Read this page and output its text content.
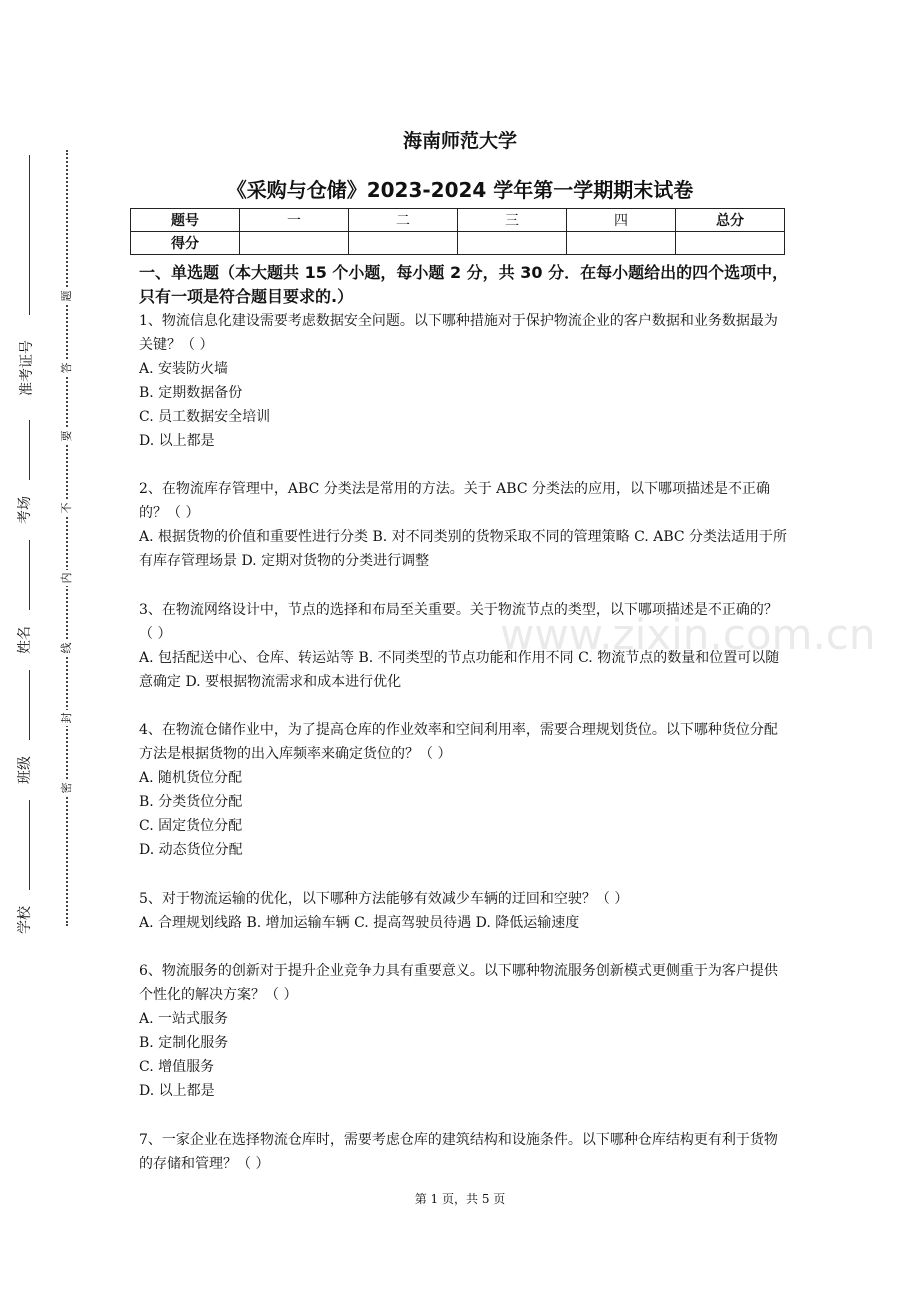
准考证号
考场
姓名
班级
学校
题
答
要
不
内
线
封
密
海南师范大学
《采购与仓储》2023-2024 学年第一学期期末试卷
题号	一	二	三	四	总分
得分					
一、单选题（本大题共 15 个小题，每小题 2 分，共 30 分．在每小题给出的四个选项中，只有一项是符合题目要求的.）
1、物流信息化建设需要考虑数据安全问题。以下哪种措施对于保护物流企业的客户数据和业务数据最为关键？（ ）
A. 安装防火墙
B. 定期数据备份
C. 员工数据安全培训
D. 以上都是
2、在物流库存管理中，ABC 分类法是常用的方法。关于 ABC 分类法的应用，以下哪项描述是不正确的？（ ）
A. 根据货物的价值和重要性进行分类 B. 对不同类别的货物采取不同的管理策略 C. ABC 分类法适用于所有库存管理场景 D. 定期对货物的分类进行调整
3、在物流网络设计中，节点的选择和布局至关重要。关于物流节点的类型，以下哪项描述是不正确的？（ ）
A. 包括配送中心、仓库、转运站等 B. 不同类型的节点功能和作用不同 C. 物流节点的数量和位置可以随意确定 D. 要根据物流需求和成本进行优化
4、在物流仓储作业中，为了提高仓库的作业效率和空间利用率，需要合理规划货位。以下哪种货位分配方法是根据货物的出入库频率来确定货位的？（ ）
A. 随机货位分配
B. 分类货位分配
C. 固定货位分配
D. 动态货位分配
5、对于物流运输的优化，以下哪种方法能够有效减少车辆的迂回和空驶？（ ）
A. 合理规划线路 B. 增加运输车辆 C. 提高驾驶员待遇 D. 降低运输速度
6、物流服务的创新对于提升企业竞争力具有重要意义。以下哪种物流服务创新模式更侧重于为客户提供个性化的解决方案？（ ）
A. 一站式服务
B. 定制化服务
C. 增值服务
D. 以上都是
7、一家企业在选择物流仓库时，需要考虑仓库的建筑结构和设施条件。以下哪种仓库结构更有利于货物的存储和管理？（ ）
www.zixin.com.cn
第 1 页，共 5 页
